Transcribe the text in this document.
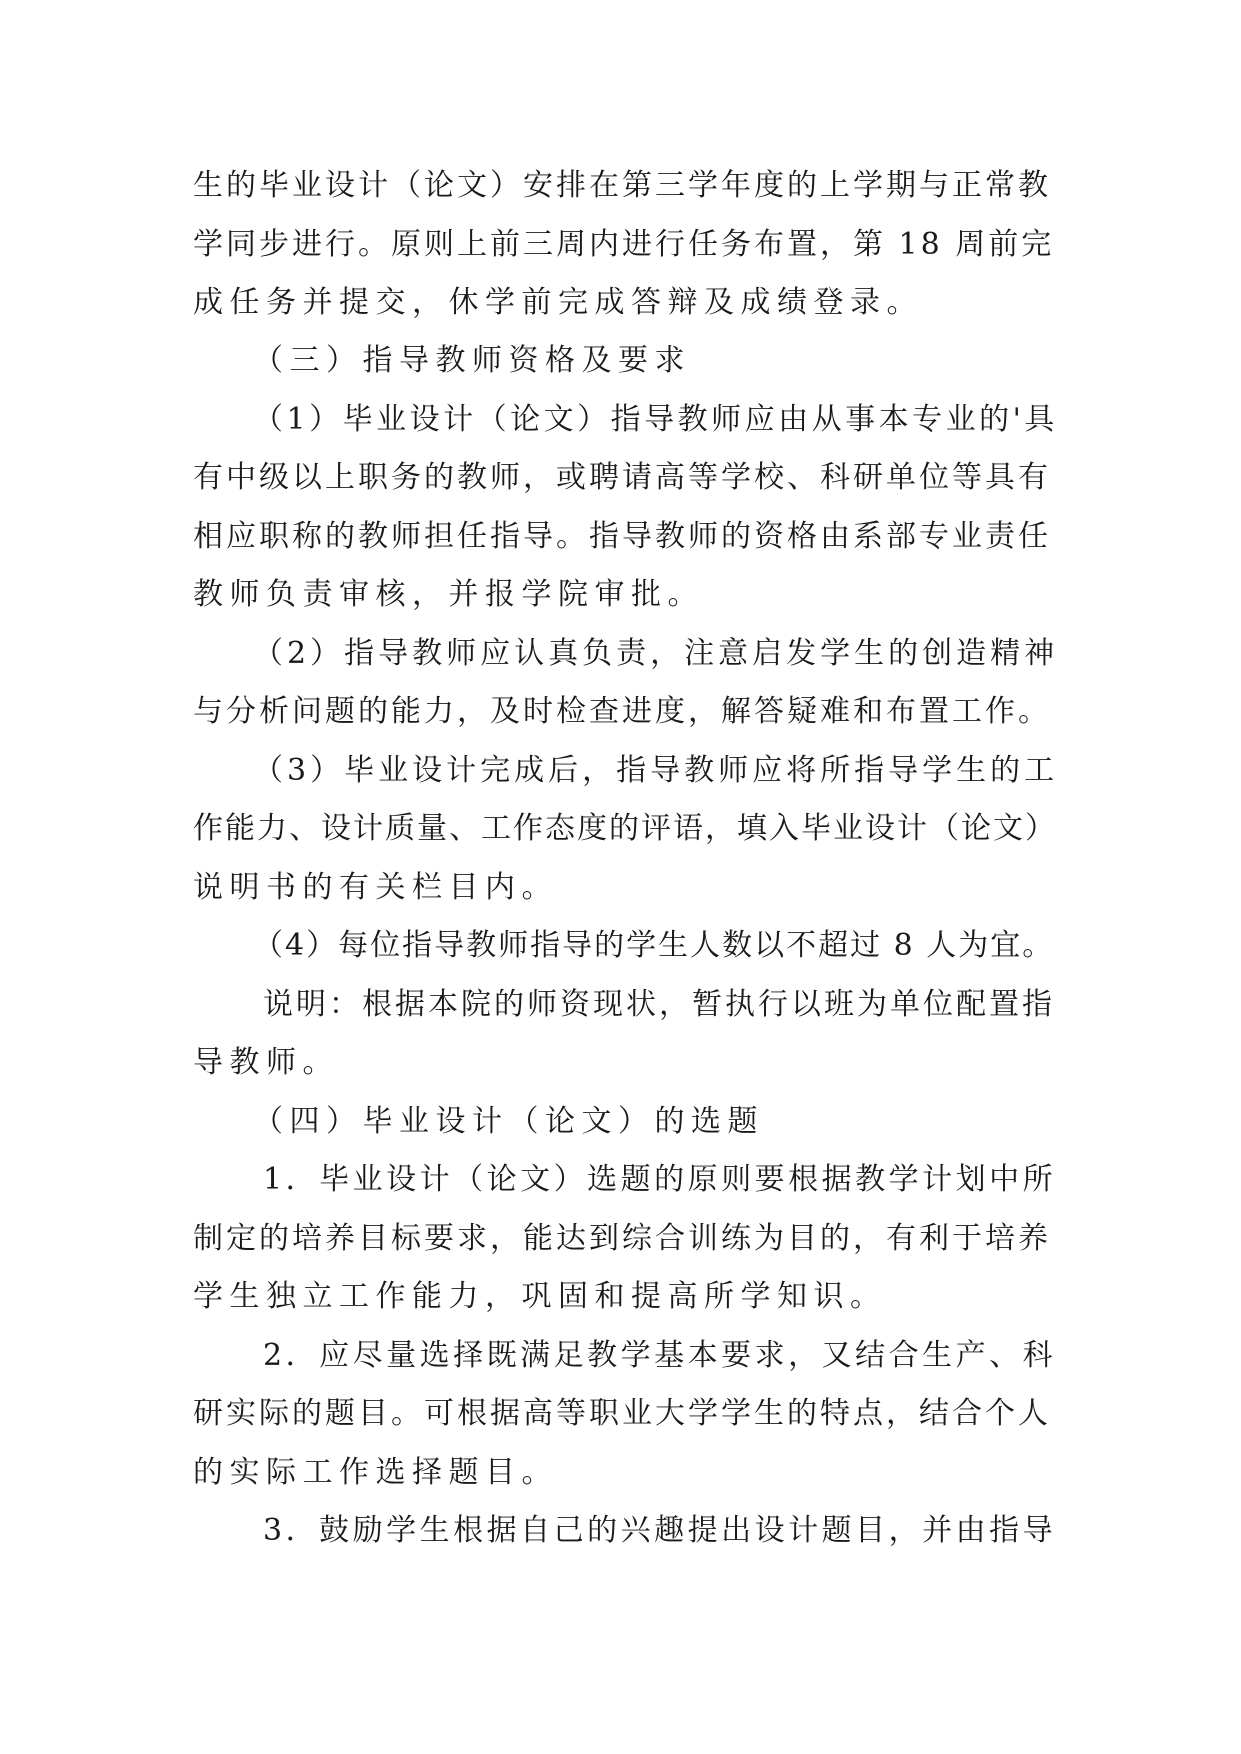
生的毕业设计（论文）安排在第三学年度的上学期与正常教
学同步进行。原则上前三周内进行任务布置，第 18 周前完
成任务并提交，休学前完成答辩及成绩登录。
（三）指导教师资格及要求
（1）毕业设计（论文）指导教师应由从事本专业的'具
有中级以上职务的教师，或聘请高等学校、科研单位等具有
相应职称的教师担任指导。指导教师的资格由系部专业责任
教师负责审核，并报学院审批。
（2）指导教师应认真负责，注意启发学生的创造精神
与分析问题的能力，及时检查进度，解答疑难和布置工作。
（3）毕业设计完成后，指导教师应将所指导学生的工
作能力、设计质量、工作态度的评语，填入毕业设计（论文）
说明书的有关栏目内。
（4）每位指导教师指导的学生人数以不超过 8 人为宜。
说明：根据本院的师资现状，暂执行以班为单位配置指
导教师。
（四）毕业设计（论文）的选题
1．毕业设计（论文）选题的原则要根据教学计划中所
制定的培养目标要求，能达到综合训练为目的，有利于培养
学生独立工作能力，巩固和提高所学知识。
2．应尽量选择既满足教学基本要求，又结合生产、科
研实际的题目。可根据高等职业大学学生的特点，结合个人
的实际工作选择题目。
3．鼓励学生根据自己的兴趣提出设计题目，并由指导
